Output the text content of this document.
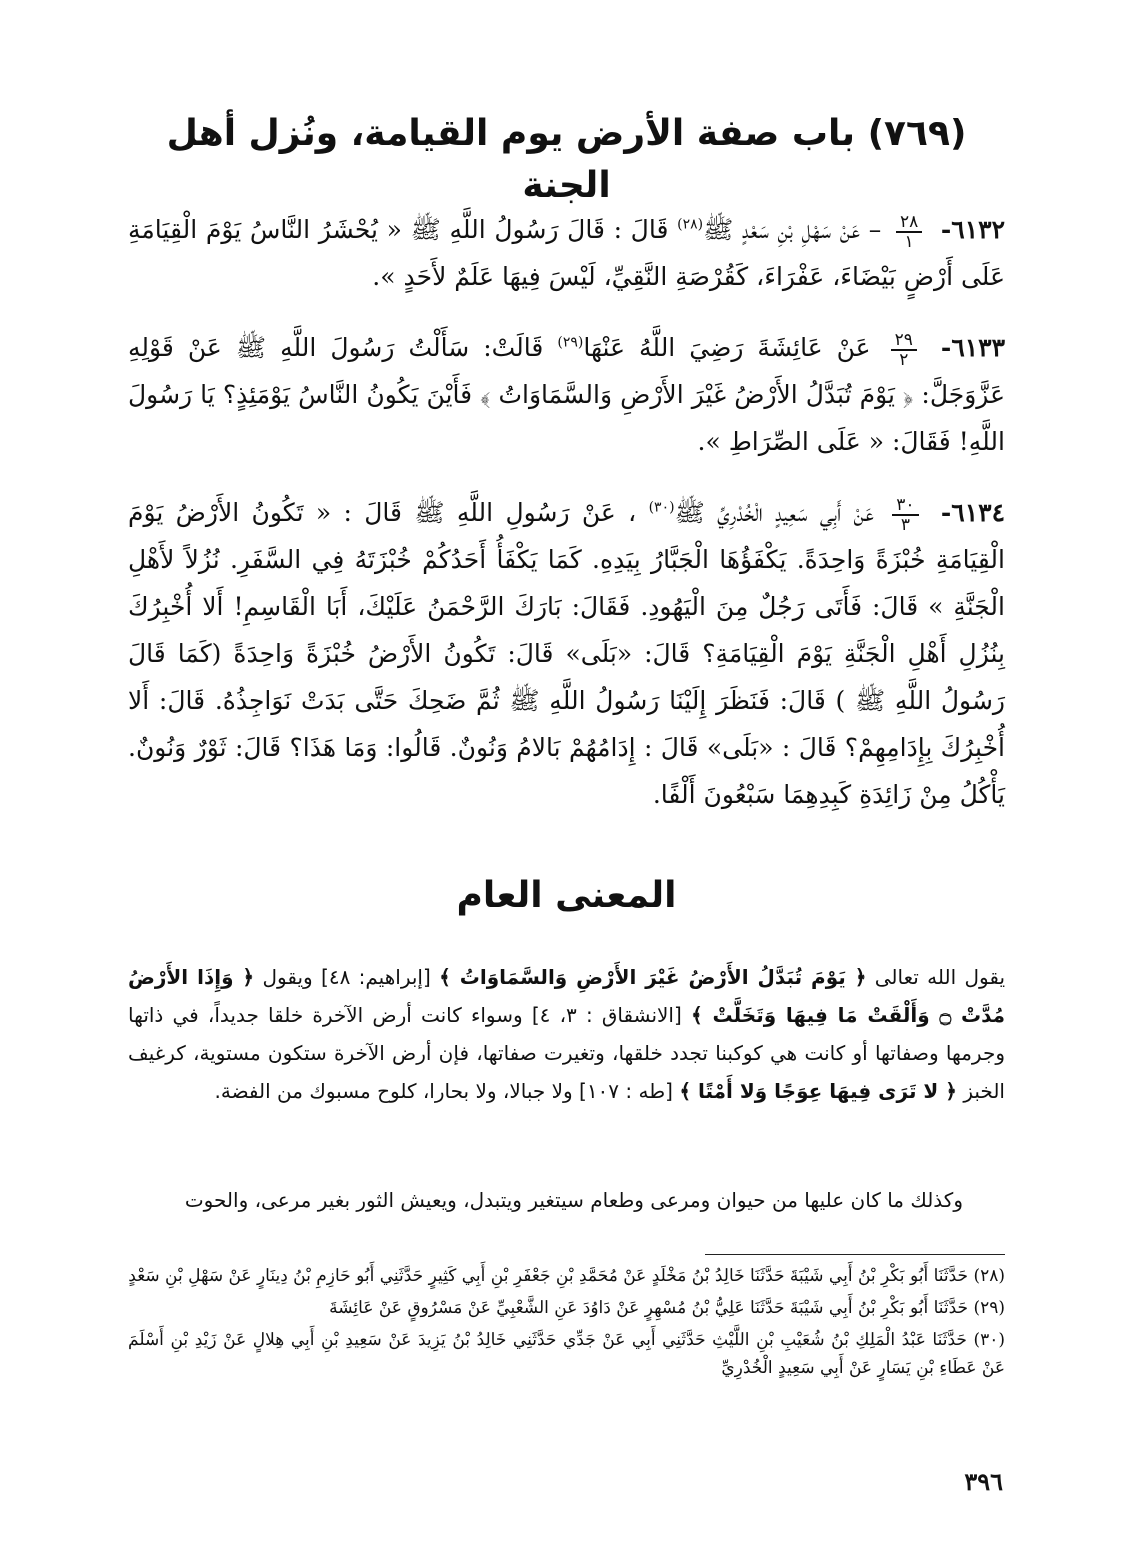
(٧٦٩) باب صفة الأرض يوم القيامة، ونُزل أهل الجنة

٦١٣٢-
$\frac{٢٨}{١}$
– عَنْ سَهْلِ بْنِ سَعْدٍ ﷺ$^{(٢٨)}$ قَالَ : قَالَ رَسُولُ اللَّهِ ﷺ « يُحْشَرُ النَّاسُ يَوْمَ الْقِيَامَةِ عَلَى أَرْضٍ بَيْضَاءَ، عَفْرَاءَ، كَقُرْصَةِ النَّقِيِّ، لَيْسَ فِيهَا عَلَمٌ لأَحَدٍ ».

٦١٣٣-
$\frac{٢٩}{٢}$
عَنْ عَائِشَةَ رَضِيَ اللَّهُ عَنْهَا$^{(٢٩)}$ قَالَتْ: سَأَلْتُ رَسُولَ اللَّهِ ﷺ عَنْ قَوْلِهِ عَزَّوَجَلَّ: ﴿ يَوْمَ تُبَدَّلُ الأَرْضُ غَيْرَ الأَرْضِ وَالسَّمَاوَاتُ ﴾ فَأَيْنَ يَكُونُ النَّاسُ يَوْمَئِذٍ؟ يَا رَسُولَ اللَّهِ! فَقَالَ: « عَلَى الصِّرَاطِ ».

٦١٣٤-
$\frac{٣٠}{٣}$
عَنْ أَبِي سَعِيدٍ الْخُدْرِيِّ ﷺ$^{(٣٠)}$ ، عَنْ رَسُولِ اللَّهِ ﷺ قَالَ : « تَكُونُ الأَرْضُ يَوْمَ الْقِيَامَةِ خُبْزَةً وَاحِدَةً. يَكْفَؤُهَا الْجَبَّارُ بِيَدِهِ. كَمَا يَكْفَأُ أَحَدُكُمْ خُبْزَتَهُ فِي السَّفَرِ. نُزُلاً لأَهْلِ الْجَنَّةِ » قَالَ: فَأَتَى رَجُلٌ مِنَ الْيَهُودِ. فَقَالَ: بَارَكَ الرَّحْمَنُ عَلَيْكَ، أَبَا الْقَاسِمِ! أَلا أُخْبِرُكَ بِنُزُلِ أَهْلِ الْجَنَّةِ يَوْمَ الْقِيَامَةِ؟ قَالَ: «بَلَى» قَالَ: تَكُونُ الأَرْضُ خُبْزَةً وَاحِدَةً (كَمَا قَالَ رَسُولُ اللَّهِ ﷺ ) قَالَ: فَنَظَرَ إِلَيْنَا رَسُولُ اللَّهِ ﷺ ثُمَّ ضَحِكَ حَتَّى بَدَتْ نَوَاجِذُهُ. قَالَ: أَلا أُخْبِرُكَ بِإِدَامِهِمْ؟ قَالَ : «بَلَى» قَالَ : إِدَامُهُمْ بَالامُ وَنُونٌ. قَالُوا: وَمَا هَذَا؟ قَالَ: ثَوْرٌ وَنُونٌ. يَأْكُلُ مِنْ زَائِدَةِ كَبِدِهِمَا سَبْعُونَ أَلْفًا.

المعنى العام

يقول الله تعالى ﴿ يَوْمَ تُبَدَّلُ الأَرْضُ غَيْرَ الأَرْضِ وَالسَّمَاوَاتُ ﴾ [إبراهيم: ٤٨] ويقول ﴿ وَإِذَا الأَرْضُ مُدَّتْ ۝ وَأَلْقَتْ مَا فِيهَا وَتَخَلَّتْ ﴾ [الانشقاق : ٣، ٤] وسواء كانت أرض الآخرة خلقا جديداً، في ذاتها وجرمها وصفاتها أو كانت هي كوكبنا تجدد خلقها، وتغيرت صفاتها، فإن أرض الآخرة ستكون مستوية، كرغيف الخبز ﴿ لا تَرَى فِيهَا عِوَجًا وَلا أَمْتًا ﴾ [طه : ١٠٧] ولا جبالا، ولا بحارا، كلوح مسبوك من الفضة.

وكذلك ما كان عليها من حيوان ومرعى وطعام سيتغير ويتبدل، ويعيش الثور بغير مرعى، والحوت

(٢٨) حَدَّثَنَا أَبُو بَكْرِ بْنُ أَبِي شَيْبَةَ حَدَّثَنَا خَالِدُ بْنُ مَخْلَدٍ عَنْ مُحَمَّدِ بْنِ جَعْفَرِ بْنِ أَبِي كَثِيرٍ حَدَّثَنِي أَبُو حَازِمِ بْنُ دِينَارٍ عَنْ سَهْلِ بْنِ سَعْدٍ
(٢٩) حَدَّثَنَا أَبُو بَكْرِ بْنُ أَبِي شَيْبَةَ حَدَّثَنَا عَلِيُّ بْنُ مُسْهِرٍ عَنْ دَاوُدَ عَنِ الشَّعْبِيِّ عَنْ مَسْرُوقٍ عَنْ عَائِشَةَ
(٣٠) حَدَّثَنَا عَبْدُ الْمَلِكِ بْنُ شُعَيْبِ بْنِ اللَّيْثِ حَدَّثَنِي أَبِي عَنْ جَدِّي حَدَّثَنِي خَالِدُ بْنُ يَزِيدَ عَنْ سَعِيدِ بْنِ أَبِي هِلالٍ عَنْ زَيْدِ بْنِ أَسْلَمَ عَنْ عَطَاءِ بْنِ يَسَارٍ عَنْ أَبِي سَعِيدٍ الْخُدْرِيِّ

٣٩٦
